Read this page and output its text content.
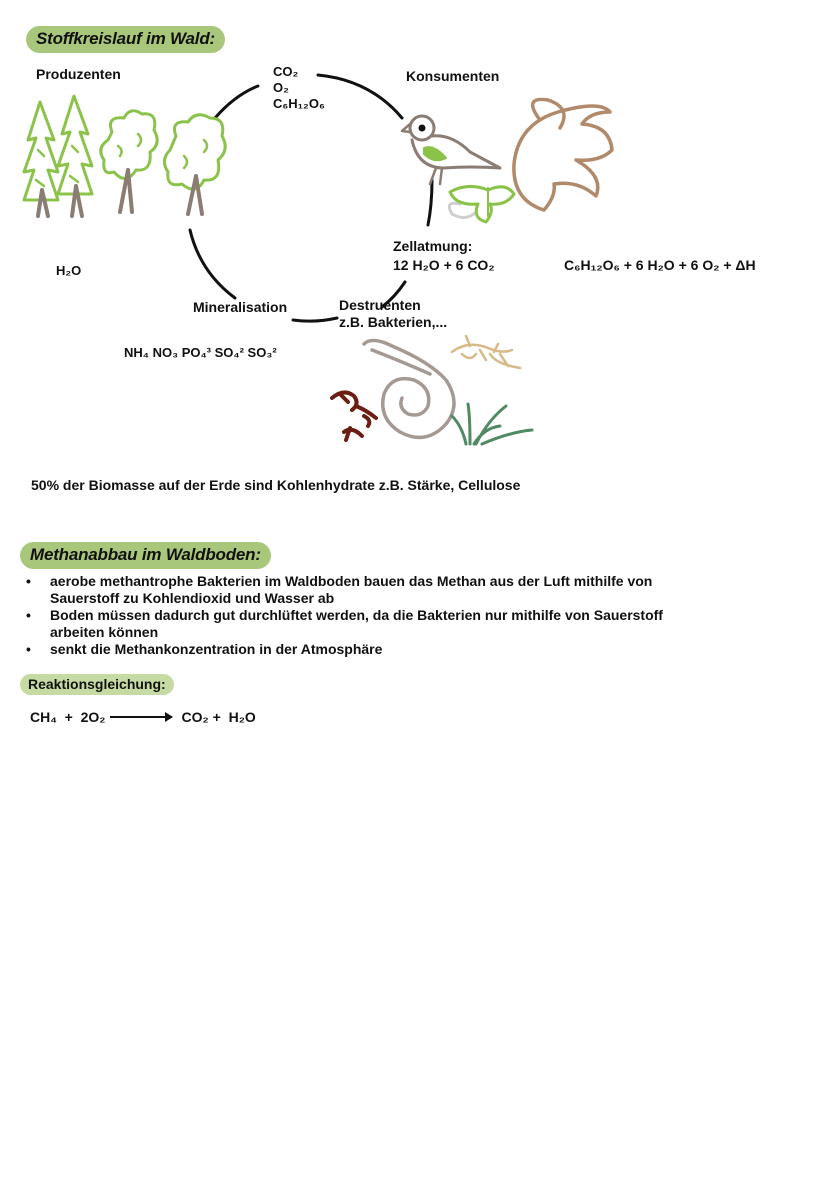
Stoffkreislauf im Wald:
Produzenten	Konsumenten
CO₂
O₂
C₆H₁₂O₆
H₂O
Zellatmung:
12 H₂O + 6 CO₂	C₆H₁₂O₆ + 6 H₂O + 6 O₂ + ΔH
Mineralisation	Destruenten
z.B. Bakterien,...
NH₄ NO₃ PO₄³ SO₄² SO₃²
50% der Biomasse auf der Erde sind Kohlenhydrate z.B. Stärke, Cellulose
Methanabbau im Waldboden:
• aerobe methantrophe Bakterien im Waldboden bauen das Methan aus der Luft mithilfe von Sauerstoff zu Kohlendioxid und Wasser ab
• Boden müssen dadurch gut durchlüftet werden, da die Bakterien nur mithilfe von Sauerstoff arbeiten können
• senkt die Methankonzentration in der Atmosphäre
Reaktionsgleichung:
CH₄  +  2O₂	CO₂ +  H₂O
